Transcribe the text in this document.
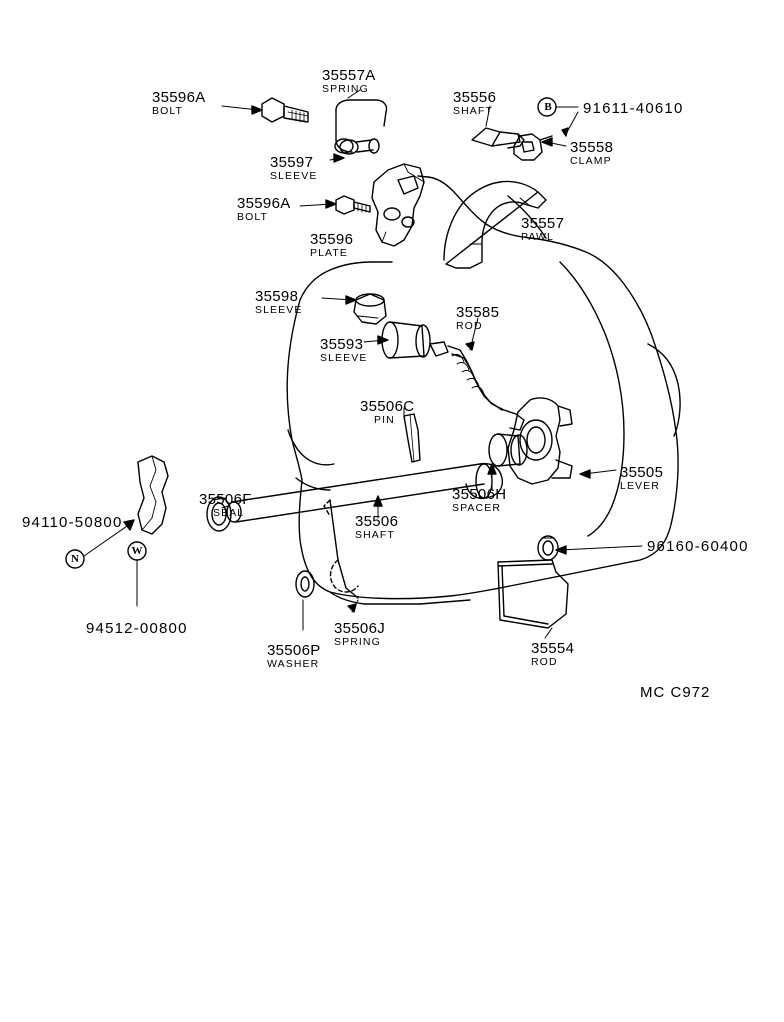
35596A
BOLT
35557A
SPRING
35556
SHAFT
35597
SLEEVE
35558
CLAMP
35596A
BOLT	35557
PAWL
35596
PLATE
35598
SLEEVE	35585
ROD
35593
SLEEVE
35506C
PIN
35506F
SEAL
35505
LEVER
35506H
SPACER
35506
SHAFT
35506J
SPRING
35506P
WASHER
35554
ROD
91611-40610
94110-50800
96160-60400
94512-00800
B
N
W
MC C972
